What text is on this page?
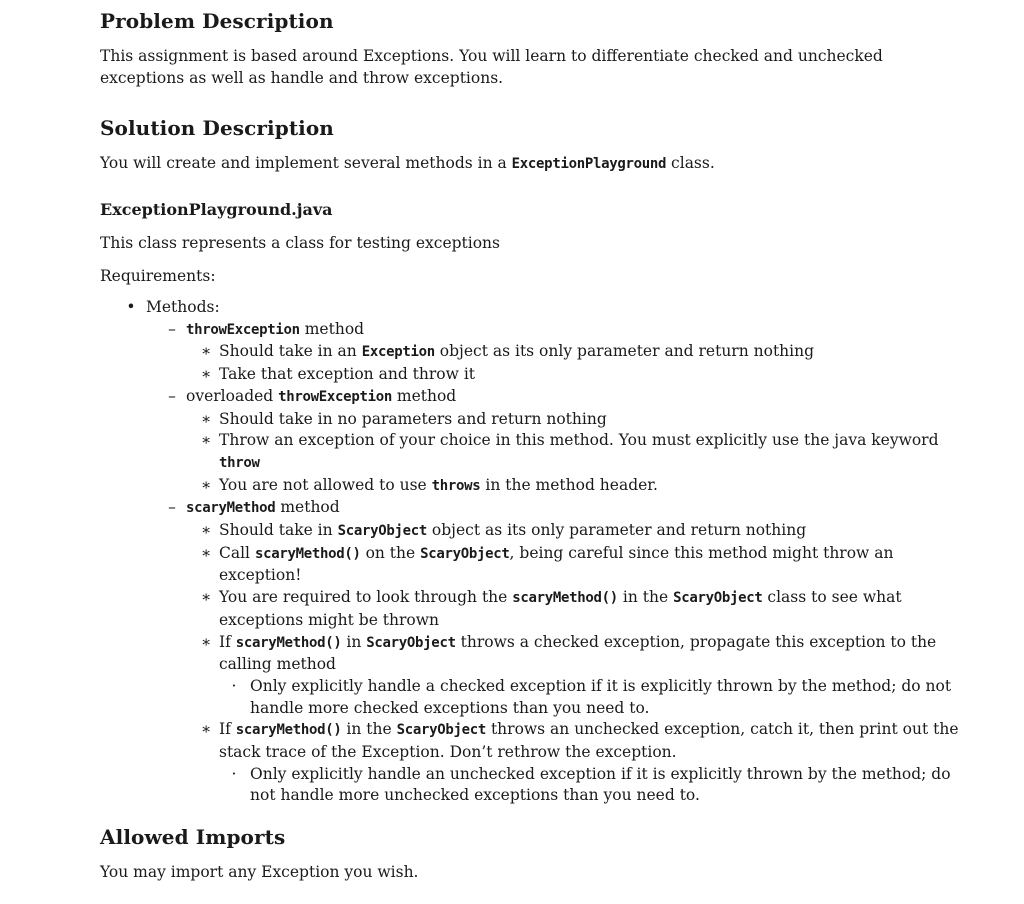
Problem Description

This assignment is based around Exceptions. You will learn to differentiate checked and unchecked exceptions as well as handle and throw exceptions.

Solution Description

You will create and implement several methods in a ExceptionPlayground class.

ExceptionPlayground.java

This class represents a class for testing exceptions

Requirements:

• Methods:
– throwException method
∗ Should take in an Exception object as its only parameter and return nothing
∗ Take that exception and throw it
– overloaded throwException method
∗ Should take in no parameters and return nothing
∗ Throw an exception of your choice in this method. You must explicitly use the java keyword throw
∗ You are not allowed to use throws in the method header.
– scaryMethod method
∗ Should take in ScaryObject object as its only parameter and return nothing
∗ Call scaryMethod() on the ScaryObject, being careful since this method might throw an exception!
∗ You are required to look through the scaryMethod() in the ScaryObject class to see what exceptions might be thrown
∗ If scaryMethod() in ScaryObject throws a checked exception, propagate this exception to the calling method
· Only explicitly handle a checked exception if it is explicitly thrown by the method; do not handle more checked exceptions than you need to.
∗ If scaryMethod() in the ScaryObject throws an unchecked exception, catch it, then print out the stack trace of the Exception. Don’t rethrow the exception.
· Only explicitly handle an unchecked exception if it is explicitly thrown by the method; do not handle more unchecked exceptions than you need to.
Allowed Imports

You may import any Exception you wish.
